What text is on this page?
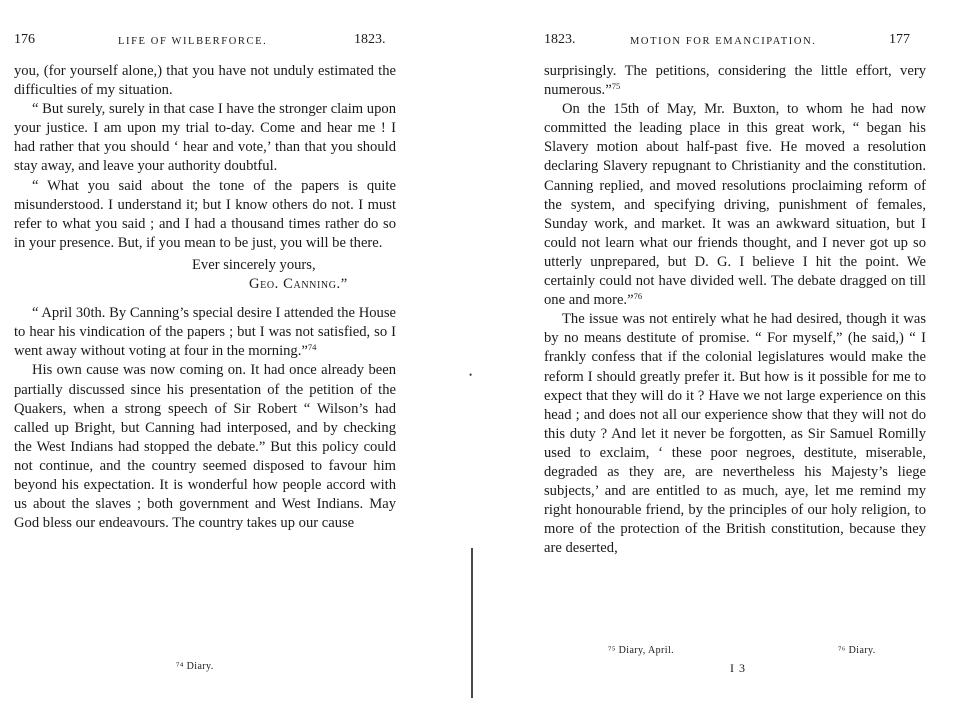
176	LIFE OF WILBERFORCE.	1823.

you, (for yourself alone,) that you have not unduly estimated the difficulties of my situation.

“ But surely, surely in that case I have the stronger claim upon your justice. I am upon my trial to-day. Come and hear me ! I had rather that you should ‘ hear and vote,’ than that you should stay away, and leave your authority doubtful.

“ What you said about the tone of the papers is quite misunderstood. I understand it; but I know others do not. I must refer to what you said ; and I had a thousand times rather do so in your presence. But, if you mean to be just, you will be there.

Ever sincerely yours,

Geo. Canning.”

“ April 30th. By Canning’s special desire I attended the House to hear his vindication of the papers ; but I was not satisfied, so I went away without voting at four in the morning.”$^{74}$

His own cause was now coming on. It had once already been partially discussed since his presentation of the petition of the Quakers, when a strong speech of Sir Robert “ Wilson’s had called up Bright, but Canning had interposed, and by checking the West Indians had stopped the debate.” But this policy could not continue, and the country seemed disposed to favour him beyond his expectation. It is wonderful how people accord with us about the slaves ; both government and West Indians. May God bless our endeavours. The country takes up our cause

⁷⁴ Diary.
•
1823.	MOTION FOR EMANCIPATION.	177

surprisingly. The petitions, considering the little effort, very numerous.”$^{75}$

On the 15th of May, Mr. Buxton, to whom he had now committed the leading place in this great work, “ began his Slavery motion about half-past five. He moved a resolution declaring Slavery repugnant to Christianity and the constitution. Canning replied, and moved resolutions proclaiming reform of the system, and specifying driving, punishment of females, Sunday work, and market. It was an awkward situation, but I could not learn what our friends thought, and I never got up so utterly unprepared, but D. G. I believe I hit the point. We certainly could not have divided well. The debate dragged on till one and more.”$^{76}$

The issue was not entirely what he had desired, though it was by no means destitute of promise. “ For myself,” (he said,) “ I frankly confess that if the colonial legislatures would make the reform I should greatly prefer it. But how is it possible for me to expect that they will do it ? Have we not large experience on this head ; and does not all our experience show that they will not do this duty ? And let it never be forgotten, as Sir Samuel Romilly used to exclaim, ‘ these poor negroes, destitute, miserable, degraded as they are, are nevertheless his Majesty’s liege subjects,’ and are entitled to as much, aye, let me remind my right honourable friend, by the principles of our holy religion, to more of the protection of the British constitution, because they are deserted,

⁷⁵ Diary, April.	⁷⁶ Diary.
I 3
